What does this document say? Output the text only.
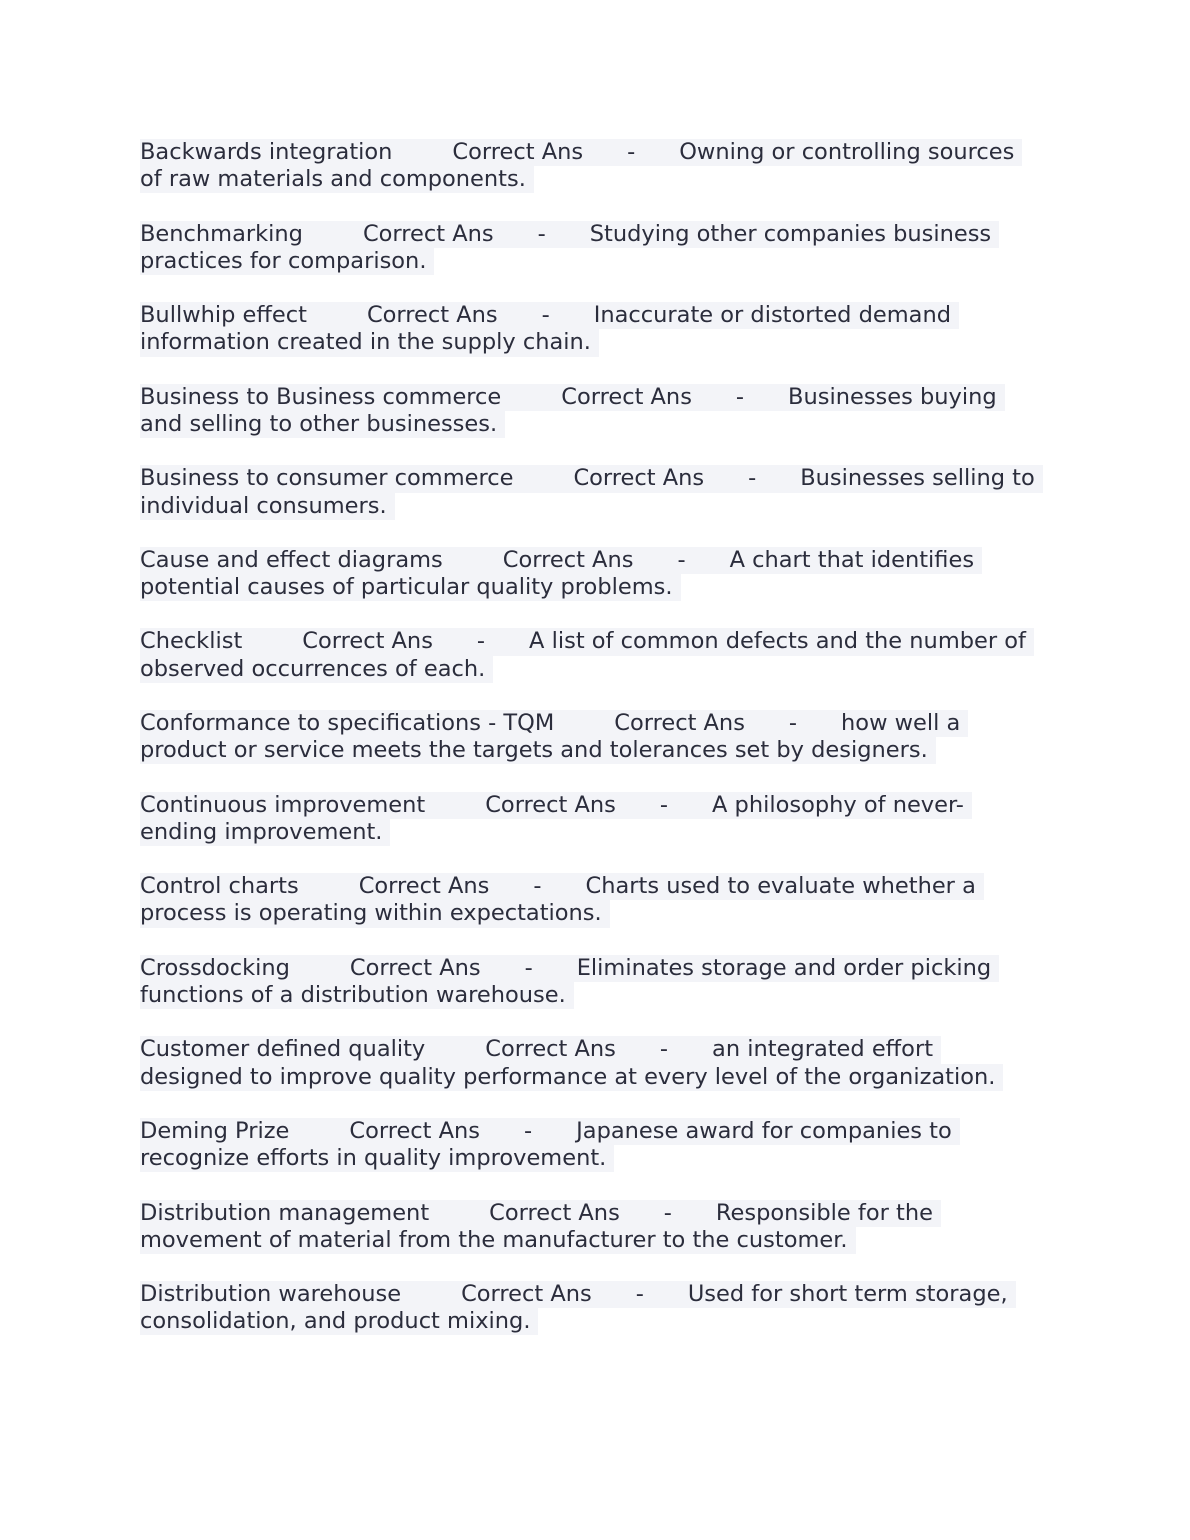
Backwards integration	Correct Ans - Owning or controlling sources
of raw materials and components.
Benchmarking	Correct Ans - Studying other companies business
practices for comparison.
Bullwhip effect	Correct Ans - Inaccurate or distorted demand
information created in the supply chain.
Business to Business commerce	Correct Ans - Businesses buying
and selling to other businesses.
Business to consumer commerce	Correct Ans - Businesses selling to
individual consumers.
Cause and effect diagrams	Correct Ans - A chart that identifies
potential causes of particular quality problems.
Checklist	Correct Ans - A list of common defects and the number of
observed occurrences of each.
Conformance to specifications - TQM	Correct Ans - how well a
product or service meets the targets and tolerances set by designers.
Continuous improvement	Correct Ans - A philosophy of never-
ending improvement.
Control charts	Correct Ans - Charts used to evaluate whether a
process is operating within expectations.
Crossdocking	Correct Ans - Eliminates storage and order picking
functions of a distribution warehouse.
Customer defined quality	Correct Ans - an integrated effort
designed to improve quality performance at every level of the organization.
Deming Prize	Correct Ans - Japanese award for companies to
recognize efforts in quality improvement.
Distribution management	Correct Ans - Responsible for the
movement of material from the manufacturer to the customer.
Distribution warehouse	Correct Ans - Used for short term storage,
consolidation, and product mixing.
